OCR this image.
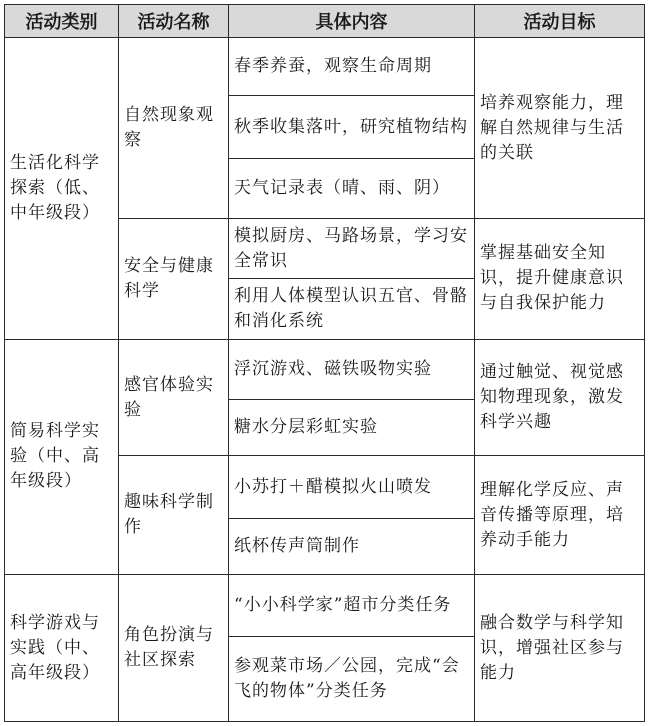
活动类别	活动名称	具体内容	活动目标
生活化科学探索（低、中年级段）	自然现象观察	春季养蚕，观察生命周期	培养观察能力，理解自然规律与生活的关联
		秋季收集落叶，研究植物结构	
		天气记录表（晴、雨、阴）	
	安全与健康科学	模拟厨房、马路场景，学习安全常识	掌握基础安全知识，提升健康意识与自我保护能力
		利用人体模型认识五官、骨骼和消化系统	
简易科学实验（中、高年级段）	感官体验实验	浮沉游戏、磁铁吸物实验	通过触觉、视觉感知物理现象，激发科学兴趣
		糖水分层彩虹实验	
	趣味科学制作	小苏打＋醋模拟火山喷发	理解化学反应、声音传播等原理，培养动手能力
		纸杯传声筒制作	
科学游戏与实践（中、高年级段）	角色扮演与社区探索	“小小科学家”超市分类任务	融合数学与科学知识，增强社区参与能力
		参观菜市场／公园，完成“会飞的物体”分类任务	
